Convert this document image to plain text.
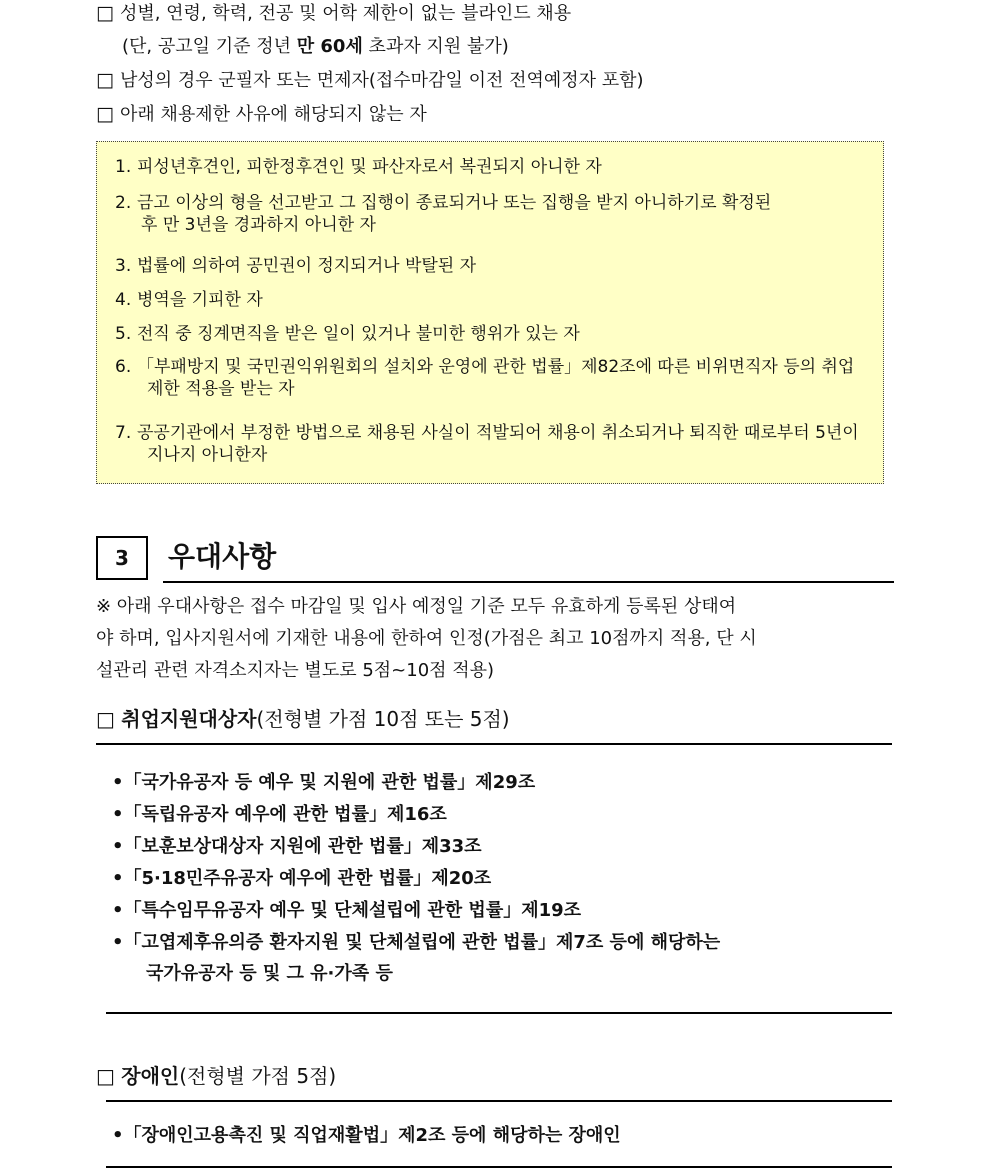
□ 성별, 연령, 학력, 전공 및 어학 제한이 없는 블라인드 채용
(단, 공고일 기준 정년 만 60세 초과자 지원 불가)
□ 남성의 경우 군필자 또는 면제자(접수마감일 이전 전역예정자 포함)
□ 아래 채용제한 사유에 해당되지 않는 자
1. 피성년후견인, 피한정후견인 및 파산자로서 복권되지 아니한 자
2. 금고 이상의 형을 선고받고 그 집행이 종료되거나 또는 집행을 받지 아니하기로 확정된
후 만 3년을 경과하지 아니한 자
3. 법률에 의하여 공민권이 정지되거나 박탈된 자
4. 병역을 기피한 자
5. 전직 중 징계면직을 받은 일이 있거나 불미한 행위가 있는 자
6. 「부패방지 및 국민권익위원회의 설치와 운영에 관한 법률」제82조에 따른 비위면직자 등의 취업
제한 적용을 받는 자
7. 공공기관에서 부정한 방법으로 채용된 사실이 적발되어 채용이 취소되거나 퇴직한 때로부터 5년이
지나지 아니한자
3	우대사항
※ 아래 우대사항은 접수 마감일 및 입사 예정일 기준 모두 유효하게 등록된 상태여
야 하며, 입사지원서에 기재한 내용에 한하여 인정(가점은 최고 10점까지 적용, 단 시
설관리 관련 자격소지자는 별도로 5점~10점 적용)
□ 취업지원대상자(전형별 가점 10점 또는 5점)
•「국가유공자 등 예우 및 지원에 관한 법률」제29조
•「독립유공자 예우에 관한 법률」제16조
•「보훈보상대상자 지원에 관한 법률」제33조
•「5·18민주유공자 예우에 관한 법률」제20조
•「특수임무유공자 예우 및 단체설립에 관한 법률」제19조
•「고엽제후유의증 환자지원 및 단체설립에 관한 법률」제7조 등에 해당하는
국가유공자 등 및 그 유·가족 등
□ 장애인(전형별 가점 5점)
•「장애인고용촉진 및 직업재활법」제2조 등에 해당하는 장애인
